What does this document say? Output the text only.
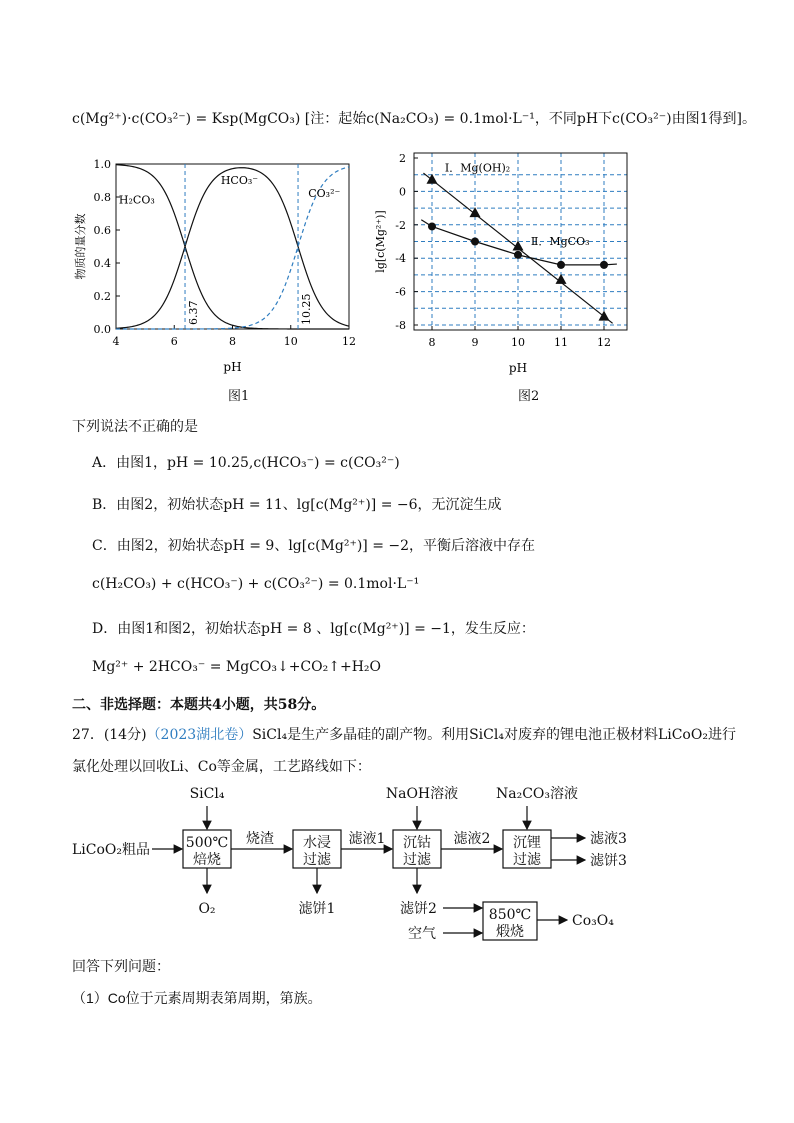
c(Mg²⁺)·c(CO₃²⁻) = Ksp(MgCO₃) [注：起始c(Na₂CO₃) = 0.1mol·L⁻¹，不同pH下c(CO₃²⁻)由图1得到]。
4	6	8	10	12
0.0
0.2
0.4
0.6
0.8
1.0
pH
物质的量分数
6.37	10.25
H₂CO₃
HCO₃⁻
CO₃²⁻
图1
8	9	10	11	12
2
0
-2
-4
-6
-8
pH
lg[c(Mg²⁺)]
Ⅰ．Mg(OH)₂
Ⅱ．MgCO₃
图2
下列说法不正确的是
A．由图1，pH = 10.25,c(HCO₃⁻) = c(CO₃²⁻)
B．由图2，初始状态pH = 11、lg[c(Mg²⁺)] = −6，无沉淀生成
C．由图2，初始状态pH = 9、lg[c(Mg²⁺)] = −2，平衡后溶液中存在
c(H₂CO₃) + c(HCO₃⁻) + c(CO₃²⁻) = 0.1mol·L⁻¹
D．由图1和图2，初始状态pH = 8 、lg[c(Mg²⁺)] = −1，发生反应：
Mg²⁺ + 2HCO₃⁻ = MgCO₃↓+CO₂↑+H₂O
二、非选择题：本题共4小题，共58分。
27．(14分)（2023湖北卷）SiCl₄是生产多晶硅的副产物。利用SiCl₄对废弃的锂电池正极材料LiCoO₂进行
氯化处理以回收Li、Co等金属，工艺路线如下：
LiCoO₂粗品
SiCl₄
500℃
焙烧
O₂
烧渣 水浸
过滤
滤饼1
滤液1
NaOH溶液
沉钴
过滤
滤液2
Na₂CO₃溶液
沉锂
过滤
滤液3
滤饼3
滤饼2
空气
850℃
煅烧
Co₃O₄
回答下列问题：
（1）Co位于元素周期表第周期，第族。
